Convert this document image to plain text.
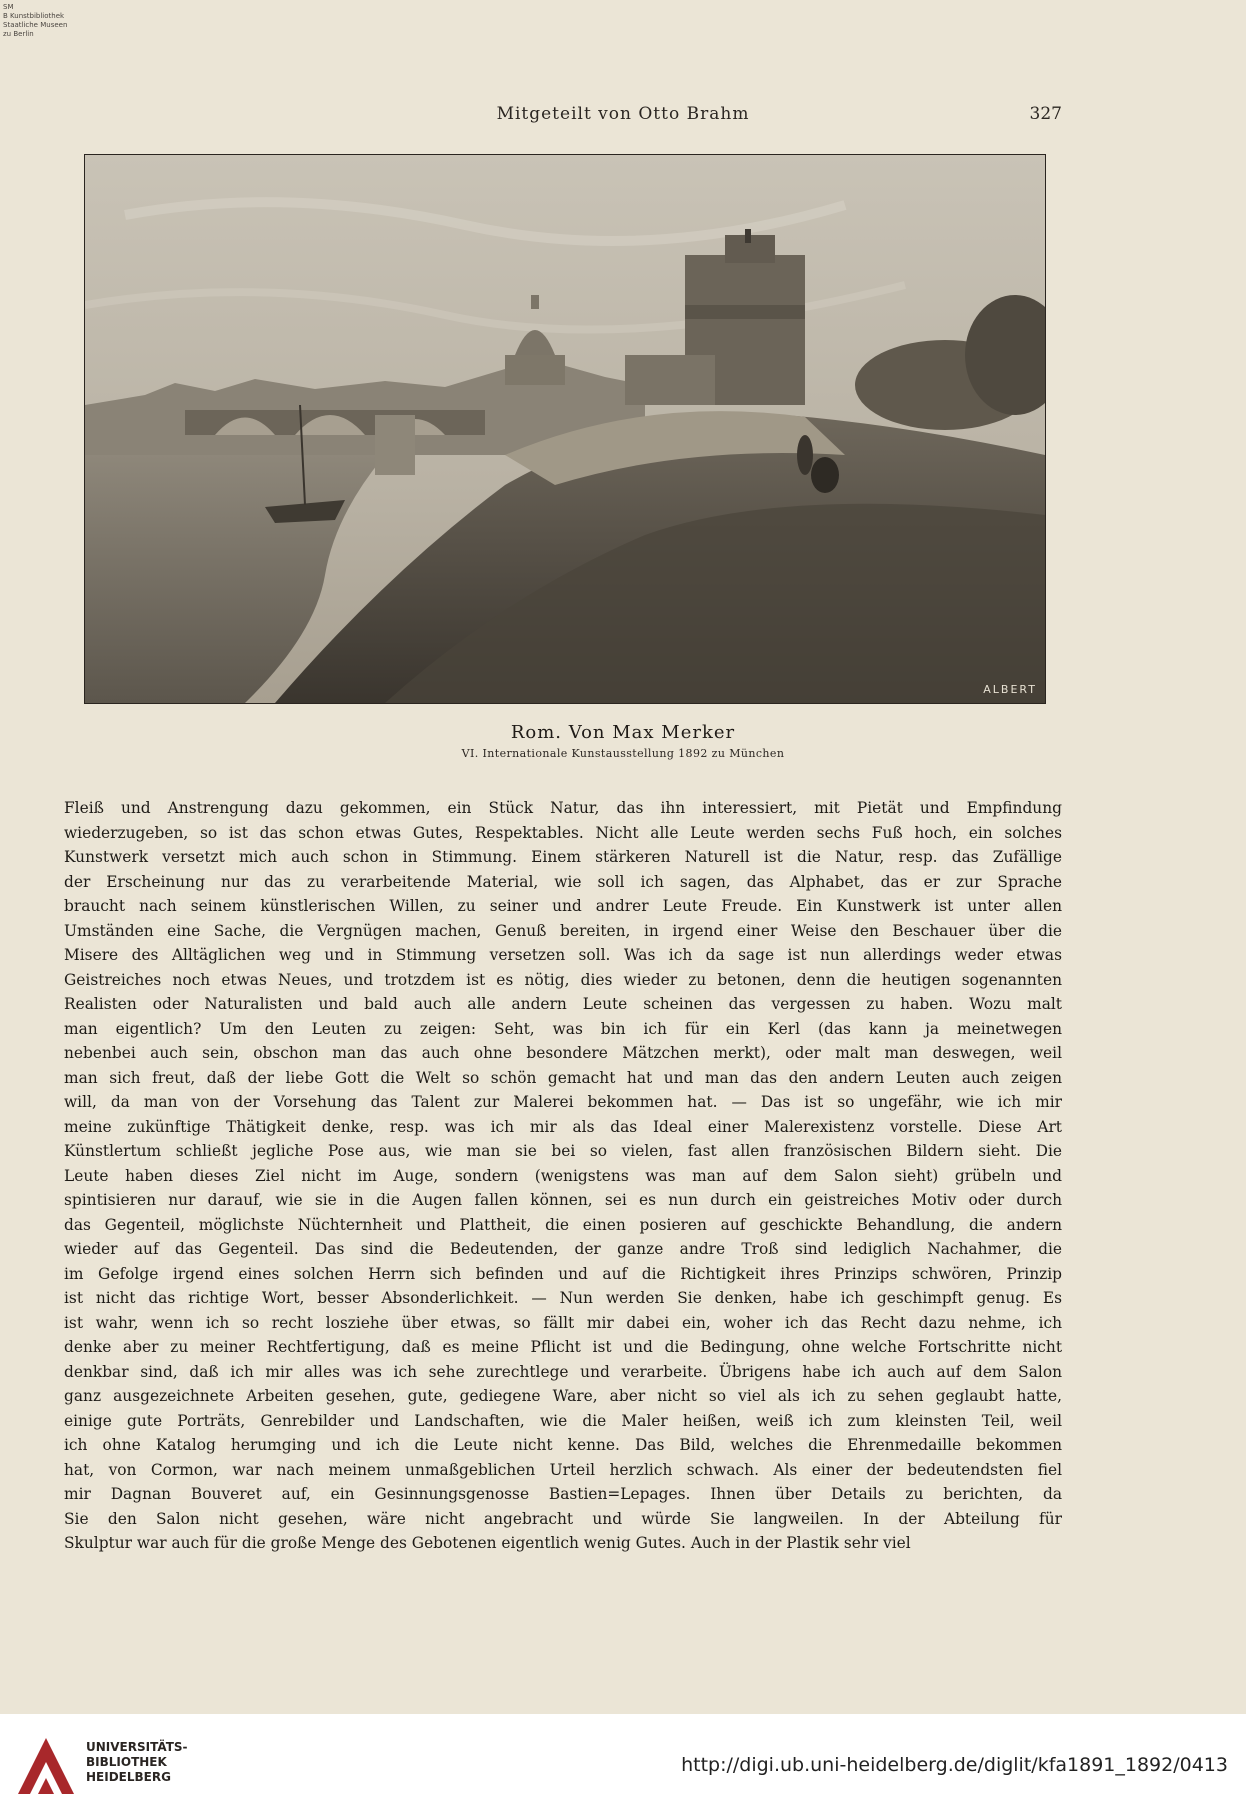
SM
B Kunstbibliothek
Staatliche Museen
zu Berlin
Mitgeteilt von Otto Brahm	327
ALBERT
Rom. Von Max Merker
VI. Internationale Kunstausstellung 1892 zu München
Fleiß und Anstrengung dazu gekommen, ein Stück Natur, das ihn interessiert, mit Pietät und Empfindung
wiederzugeben, so ist das schon etwas Gutes, Respektables. Nicht alle Leute werden sechs Fuß hoch, ein solches
Kunstwerk versetzt mich auch schon in Stimmung. Einem stärkeren Naturell ist die Natur, resp. das Zufällige
der Erscheinung nur das zu verarbeitende Material, wie soll ich sagen, das Alphabet, das er zur Sprache
braucht nach seinem künstlerischen Willen, zu seiner und andrer Leute Freude. Ein Kunstwerk ist unter allen
Umständen eine Sache, die Vergnügen machen, Genuß bereiten, in irgend einer Weise den Beschauer über die
Misere des Alltäglichen weg und in Stimmung versetzen soll. Was ich da sage ist nun allerdings weder etwas
Geistreiches noch etwas Neues, und trotzdem ist es nötig, dies wieder zu betonen, denn die heutigen sogenannten
Realisten oder Naturalisten und bald auch alle andern Leute scheinen das vergessen zu haben. Wozu malt
man eigentlich? Um den Leuten zu zeigen: Seht, was bin ich für ein Kerl (das kann ja meinetwegen
nebenbei auch sein, obschon man das auch ohne besondere Mätzchen merkt), oder malt man deswegen, weil
man sich freut, daß der liebe Gott die Welt so schön gemacht hat und man das den andern Leuten auch zeigen
will, da man von der Vorsehung das Talent zur Malerei bekommen hat. — Das ist so ungefähr, wie ich mir
meine zukünftige Thätigkeit denke, resp. was ich mir als das Ideal einer Malerexistenz vorstelle. Diese Art
Künstlertum schließt jegliche Pose aus, wie man sie bei so vielen, fast allen französischen Bildern sieht. Die
Leute haben dieses Ziel nicht im Auge, sondern (wenigstens was man auf dem Salon sieht) grübeln und
spintisieren nur darauf, wie sie in die Augen fallen können, sei es nun durch ein geistreiches Motiv oder durch
das Gegenteil, möglichste Nüchternheit und Plattheit, die einen posieren auf geschickte Behandlung, die andern
wieder auf das Gegenteil. Das sind die Bedeutenden, der ganze andre Troß sind lediglich Nachahmer, die
im Gefolge irgend eines solchen Herrn sich befinden und auf die Richtigkeit ihres Prinzips schwören, Prinzip
ist nicht das richtige Wort, besser Absonderlichkeit. — Nun werden Sie denken, habe ich geschimpft genug. Es
ist wahr, wenn ich so recht losziehe über etwas, so fällt mir dabei ein, woher ich das Recht dazu nehme, ich
denke aber zu meiner Rechtfertigung, daß es meine Pflicht ist und die Bedingung, ohne welche Fortschritte nicht
denkbar sind, daß ich mir alles was ich sehe zurechtlege und verarbeite. Übrigens habe ich auch auf dem Salon
ganz ausgezeichnete Arbeiten gesehen, gute, gediegene Ware, aber nicht so viel als ich zu sehen geglaubt hatte,
einige gute Porträts, Genrebilder und Landschaften, wie die Maler heißen, weiß ich zum kleinsten Teil, weil
ich ohne Katalog herumging und ich die Leute nicht kenne. Das Bild, welches die Ehrenmedaille bekommen
hat, von Cormon, war nach meinem unmaßgeblichen Urteil herzlich schwach. Als einer der bedeutendsten fiel
mir Dagnan Bouveret auf, ein Gesinnungsgenosse Bastien=Lepages. Ihnen über Details zu berichten, da
Sie den Salon nicht gesehen, wäre nicht angebracht und würde Sie langweilen. In der Abteilung für
Skulptur war auch für die große Menge des Gebotenen eigentlich wenig Gutes. Auch in der Plastik sehr viel
UNIVERSITÄTS-
BIBLIOTHEK
HEIDELBERG
http://digi.ub.uni-heidelberg.de/diglit/kfa1891_1892/0413
